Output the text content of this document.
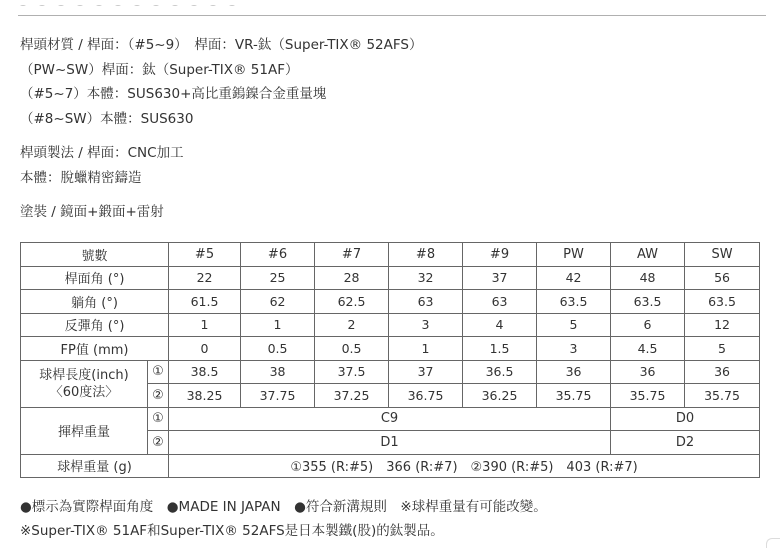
桿頭材質 / 桿面：（#5~9）　桿面：VR-鈦（Super-TIX® 52AFS）
（PW~SW）桿面：鈦（Super-TIX® 51AF）
（#5~7）本體：SUS630+高比重鎢鎳合金重量塊
（#8~SW）本體：SUS630
桿頭製法 / 桿面：CNC加工
本體：脫蠟精密鑄造
塗裝 / 鏡面+鍛面+雷射
號數		#5	#6	#7	#8	#9	PW	AW	SW
桿面角 (°)		22	25	28	32	37	42	48	56
躺角 (°)		61.5	62	62.5	63	63	63.5	63.5	63.5
反彈角 (°)		1	1	2	3	4	5	6	12
FP值 (mm)		0	0.5	0.5	1	1.5	3	4.5	5

球桿長度(inch)
〈60度法〉	①	38.5	38	37.5	37	36.5	36	36	36
	②	38.25	37.75	37.25	36.75	36.25	35.75	35.75	35.75
揮桿重量	①	C9						D0	
	②	D1						D2	
球桿重量 (g)		①355 (R:#5)　366 (R:#7)　②390 (R:#5)　403 (R:#7)							
●標示為實際桿面角度　●MADE IN JAPAN　●符合新溝規則　※球桿重量有可能改變。
※Super-TIX® 51AF和Super-TIX® 52AFS是日本製鐵(股)的鈦製品。
